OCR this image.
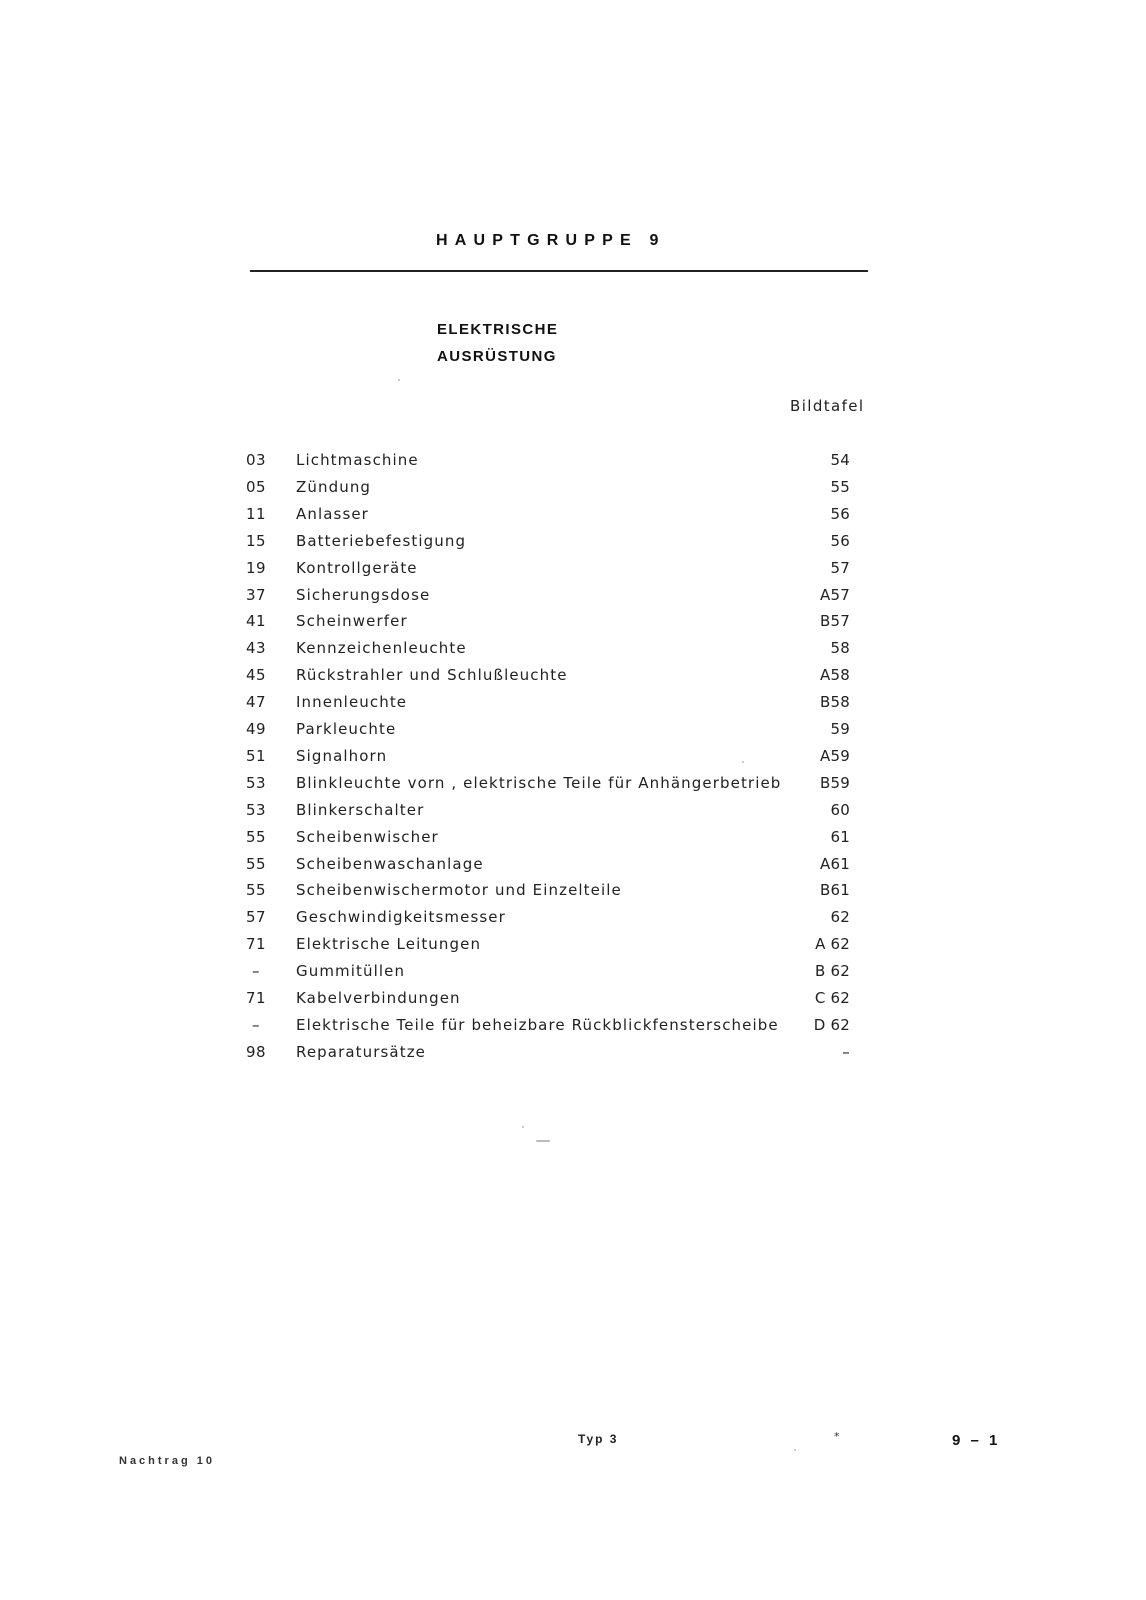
HAUPTGRUPPE 9
ELEKTRISCHE
AUSRÜSTUNG
Bildtafel
03	Lichtmaschine	54
05	Zündung	55
11	Anlasser	56
15	Batteriebefestigung	56
19	Kontrollgeräte	57
37	Sicherungsdose	A57
41	Scheinwerfer	B57
43	Kennzeichenleuchte	58
45	Rückstrahler und Schlußleuchte	A58
47	Innenleuchte	B58
49	Parkleuchte	59
51	Signalhorn	A59
53	Blinkleuchte vorn , elektrische Teile für Anhängerbetrieb	B59
53	Blinkerschalter	60
55	Scheibenwischer	61
55	Scheibenwaschanlage	A61
55	Scheibenwischermotor und Einzelteile	B61
57	Geschwindigkeitsmesser	62
71	Elektrische Leitungen	A 62
–	Gummitüllen	B 62
71	Kabelverbindungen	C 62
–	Elektrische Teile für beheizbare Rückblickfensterscheibe	D 62
98	Reparatursätze	–
Typ 3	*	9 – 1
Nachtrag 10
